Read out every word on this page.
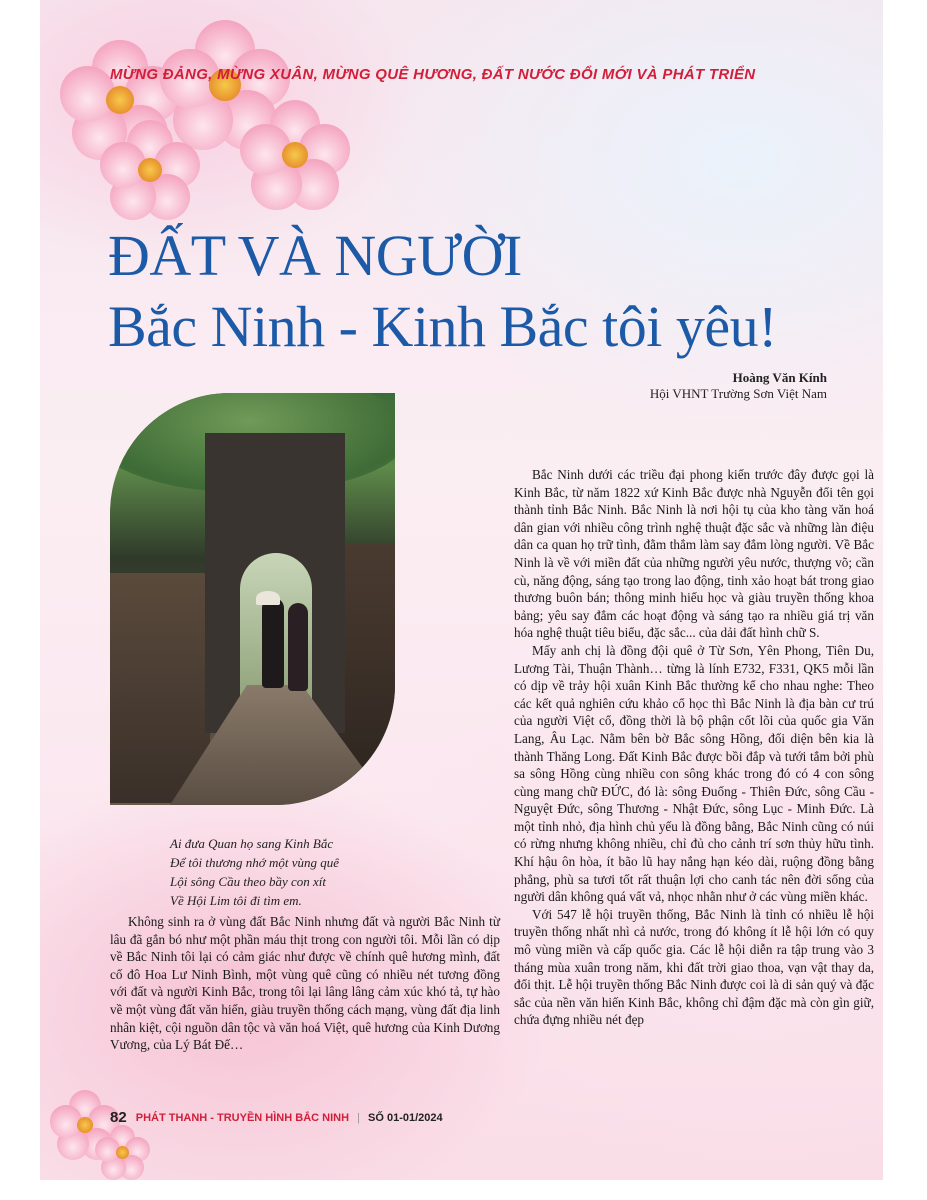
MỪNG ĐẢNG, MỪNG XUÂN, MỪNG QUÊ HƯƠNG, ĐẤT NƯỚC ĐỔI MỚI VÀ PHÁT TRIỂN
ĐẤT VÀ NGƯỜI
Bắc Ninh - Kinh Bắc tôi yêu!
Hoàng Văn Kính
Hội VHNT Trường Sơn Việt Nam
Ai đưa Quan họ sang Kinh Bắc
Để tôi thương nhớ một vùng quê
Lội sông Cầu theo bầy con xít
Về Hội Lim tôi đi tìm em.

Không sinh ra ở vùng đất Bắc Ninh nhưng đất và người Bắc Ninh từ lâu đã gắn bó như một phần máu thịt trong con người tôi. Mỗi lần có dịp về Bắc Ninh tôi lại có cảm giác như được về chính quê hương mình, đất cố đô Hoa Lư Ninh Bình, một vùng quê cũng có nhiều nét tương đồng với đất và người Kinh Bắc, trong tôi lại lâng lâng cảm xúc khó tả, tự hào về một vùng đất văn hiến, giàu truyền thống cách mạng, vùng đất địa linh nhân kiệt, cội nguồn dân tộc và văn hoá Việt, quê hương của Kinh Dương Vương, của Lý Bát Đế…

Bắc Ninh dưới các triều đại phong kiến trước đây được gọi là Kinh Bắc, từ năm 1822 xứ Kinh Bắc được nhà Nguyễn đổi tên gọi thành tỉnh Bắc Ninh. Bắc Ninh là nơi hội tụ của kho tàng văn hoá dân gian với nhiều công trình nghệ thuật đặc sắc và những làn điệu dân ca quan họ trữ tình, đằm thắm làm say đắm lòng người. Về Bắc Ninh là về với miền đất của những người yêu nước, thượng võ; cần cù, năng động, sáng tạo trong lao động, tinh xảo hoạt bát trong giao thương buôn bán; thông minh hiếu học và giàu truyền thống khoa bảng; yêu say đắm các hoạt động và sáng tạo ra nhiều giá trị văn hóa nghệ thuật tiêu biểu, đặc sắc... của dải đất hình chữ S.

Mấy anh chị là đồng đội quê ở Từ Sơn, Yên Phong, Tiên Du, Lương Tài, Thuận Thành… từng là lính E732, F331, QK5 mỗi lần có dịp về trảy hội xuân Kinh Bắc thường kể cho nhau nghe: Theo các kết quả nghiên cứu khảo cổ học thì Bắc Ninh là địa bàn cư trú của người Việt cổ, đồng thời là bộ phận cốt lõi của quốc gia Văn Lang, Âu Lạc. Nằm bên bờ Bắc sông Hồng, đối diện bên kia là thành Thăng Long. Đất Kinh Bắc được bồi đắp và tưới tắm bởi phù sa sông Hồng cùng nhiều con sông khác trong đó có 4 con sông cùng mang chữ ĐỨC, đó là: sông Đuống - Thiên Đức, sông Cầu - Nguyệt Đức, sông Thương - Nhật Đức, sông Lục - Minh Đức. Là một tỉnh nhỏ, địa hình chủ yếu là đồng bằng, Bắc Ninh cũng có núi có rừng nhưng không nhiều, chỉ đủ cho cảnh trí sơn thủy hữu tình. Khí hậu ôn hòa, ít bão lũ hay nắng hạn kéo dài, ruộng đồng bằng phẳng, phù sa tươi tốt rất thuận lợi cho canh tác nên đời sống của người dân không quá vất vả, nhọc nhằn như ở các vùng miền khác.

Với 547 lễ hội truyền thống, Bắc Ninh là tỉnh có nhiều lễ hội truyền thống nhất nhì cả nước, trong đó không ít lễ hội lớn có quy mô vùng miền và cấp quốc gia. Các lễ hội diễn ra tập trung vào 3 tháng mùa xuân trong năm, khi đất trời giao thoa, vạn vật thay da, đổi thịt. Lễ hội truyền thống Bắc Ninh được coi là di sản quý và đặc sắc của nền văn hiến Kinh Bắc, không chỉ đậm đặc mà còn gìn giữ, chứa đựng nhiều nét đẹp

82 PHÁT THANH - TRUYỀN HÌNH BẮC NINH | SỐ 01-01/2024
